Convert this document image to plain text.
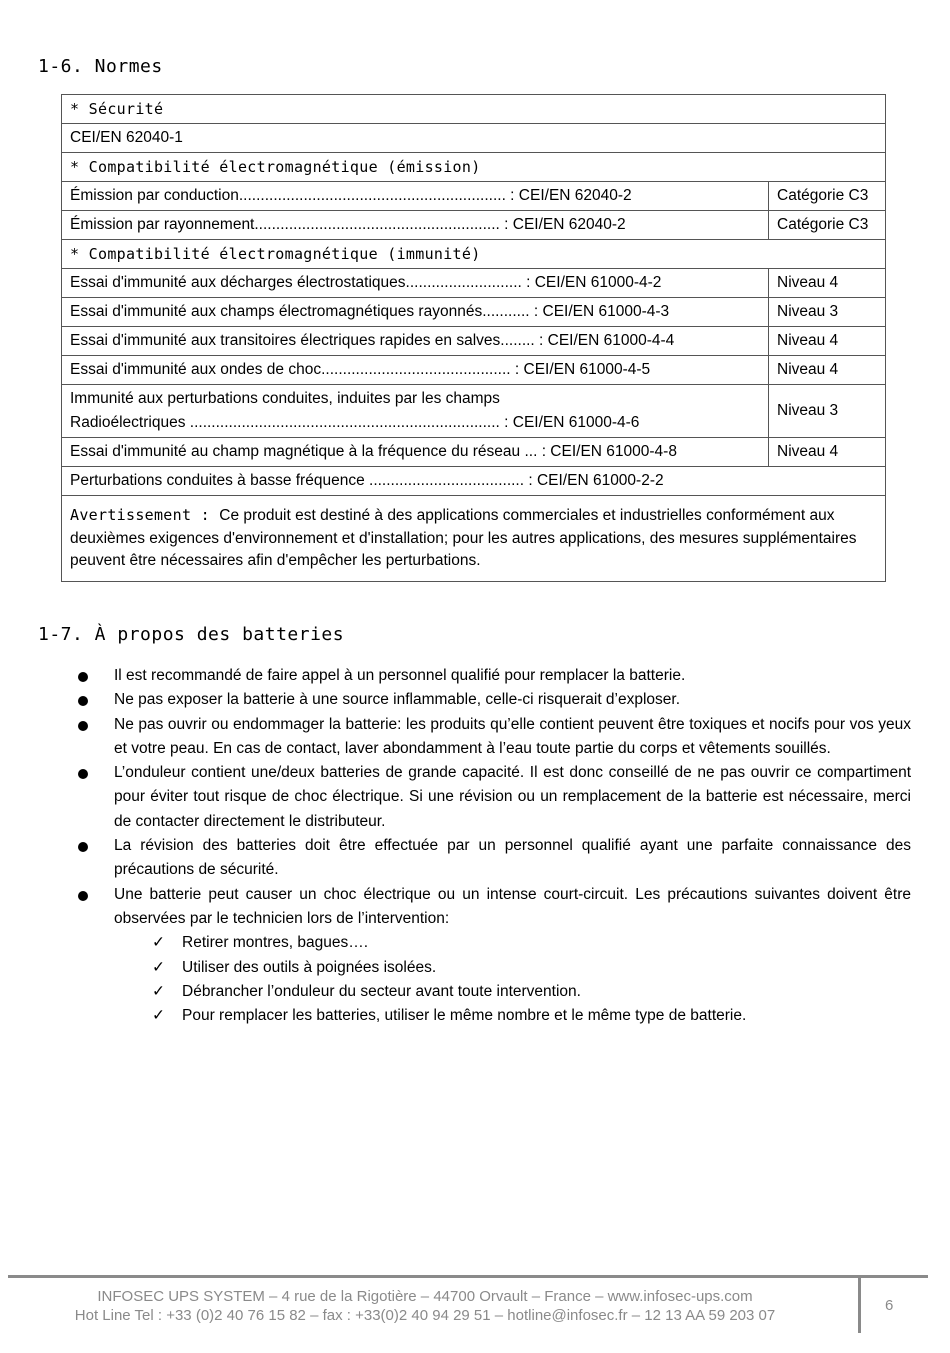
1-6. Normes
* Sécurité	
CEI/EN 62040-1	
* Compatibilité électromagnétique (émission)	
Émission par conduction.............................................................. : CEI/EN 62040-2	Catégorie C3
Émission par rayonnement......................................................... : CEI/EN 62040-2	Catégorie C3
* Compatibilité électromagnétique (immunité)	
Essai d'immunité aux décharges électrostatiques........................... : CEI/EN 61000-4-2	Niveau 4
Essai d'immunité aux champs électromagnétiques rayonnés........... : CEI/EN 61000-4-3	Niveau 3
Essai d'immunité aux transitoires électriques rapides en salves........ : CEI/EN 61000-4-4	Niveau 4
Essai d'immunité aux ondes de choc............................................ : CEI/EN 61000-4-5	Niveau 4

Immunité aux perturbations conduites, induites par les champs
Radioélectriques ........................................................................ : CEI/EN 61000-4-6	Niveau 3
Essai d'immunité au champ magnétique à la fréquence du réseau ... : CEI/EN 61000-4-8	Niveau 4
Perturbations conduites à basse fréquence .................................... : CEI/EN 61000-2-2	
Avertissement : Ce produit est destiné à des applications commerciales et industrielles conformément aux deuxièmes exigences d'environnement et d'installation; pour les autres applications, des mesures supplémentaires peuvent être nécessaires afin d'empêcher les perturbations.	
1-7. À propos des batteries
Il est recommandé de faire appel à un personnel qualifié pour remplacer la batterie.
Ne pas exposer la batterie à une source inflammable, celle-ci risquerait d’exploser.
Ne pas ouvrir ou endommager la batterie: les produits qu’elle contient peuvent être toxiques et nocifs pour vos yeux et votre peau. En cas de contact, laver abondamment à l’eau toute partie du corps et vêtements souillés.
L’onduleur contient une/deux batteries de grande capacité. Il est donc conseillé de ne pas ouvrir ce compartiment pour éviter tout risque de choc électrique. Si une révision ou un remplacement de la batterie est nécessaire, merci de contacter directement le distributeur.
La révision des batteries doit être effectuée par un personnel qualifié ayant une parfaite connaissance des précautions de sécurité.
Une batterie peut causer un choc électrique ou un intense court-circuit. Les précautions suivantes doivent être observées par le technicien lors de l’intervention:
✓ Retirer montres, bagues….
✓ Utiliser des outils à poignées isolées.
✓ Débrancher l’onduleur du secteur avant toute intervention.
✓ Pour remplacer les batteries, utiliser le même nombre et le même type de batterie.
INFOSEC UPS SYSTEM – 4 rue de la Rigotière – 44700 Orvault – France – www.infosec-ups.com
Hot Line Tel : +33 (0)2 40 76 15 82 – fax : +33(0)2 40 94 29 51 – hotline@infosec.fr – 12 13 AA 59 203 07
6
